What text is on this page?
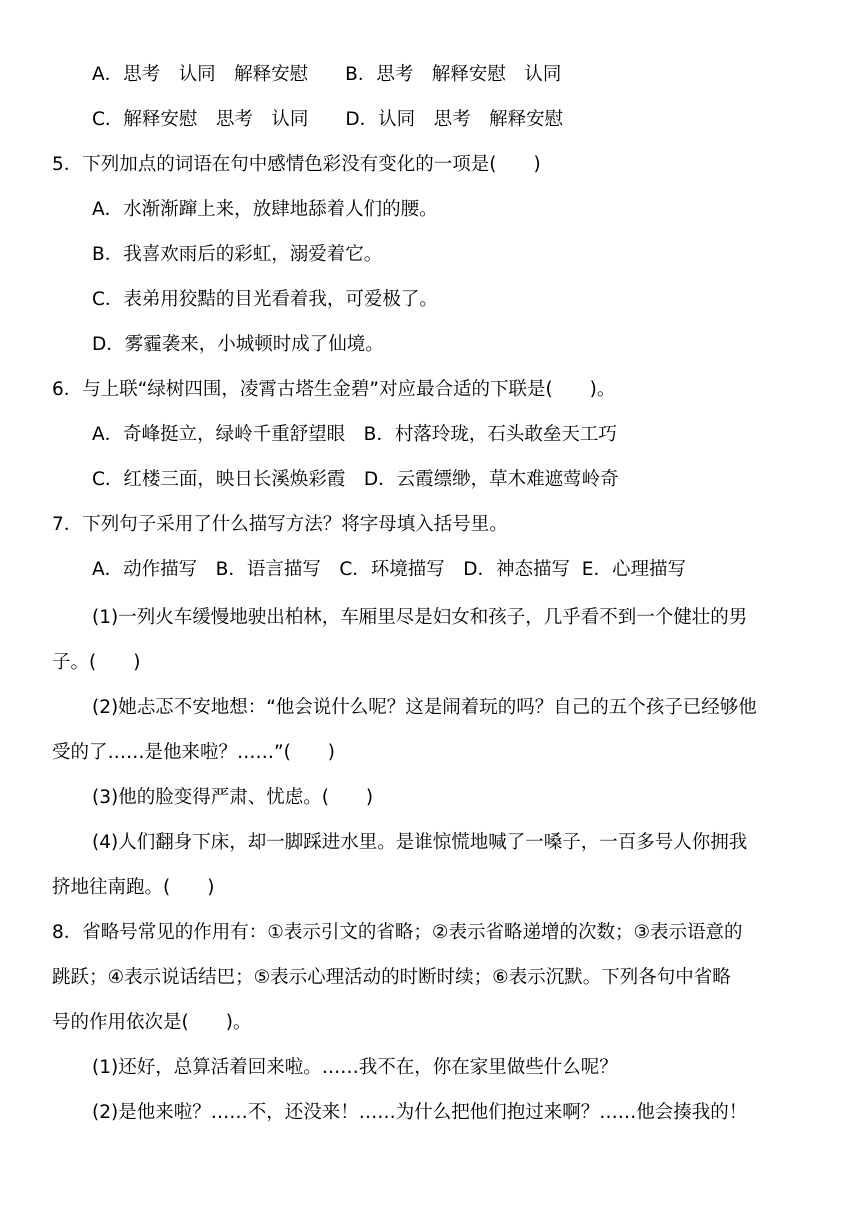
A．思考　认同　解释安慰　　B．思考　解释安慰　认同
C．解释安慰　思考　认同　　D．认同　思考　解释安慰
5．下列加点的词语在句中感情色彩没有变化的一项是(　　)
A．水渐渐蹿上来，放肆地舔着人们的腰。
B．我喜欢雨后的彩虹，溺爱着它。
C．表弟用狡黠的目光看着我，可爱极了。
D．雾霾袭来，小城顿时成了仙境。
6．与上联“绿树四围，凌霄古塔生金碧”对应最合适的下联是(　　)。
A．奇峰挺立，绿岭千重舒望眼　B．村落玲珑，石头敢垒天工巧
C．红楼三面，映日长溪焕彩霞　D．云霞缥缈，草木难遮莺岭奇
7．下列句子采用了什么描写方法？将字母填入括号里。
A．动作描写　B．语言描写　C．环境描写　D．神态描写  E．心理描写
(1)一列火车缓慢地驶出柏林，车厢里尽是妇女和孩子，几乎看不到一个健壮的男
子。(　　)
(2)她忐忑不安地想：“他会说什么呢？这是闹着玩的吗？自己的五个孩子已经够他
受的了……是他来啦？……”(　　)
(3)他的脸变得严肃、忧虑。(　　)
(4)人们翻身下床，却一脚踩进水里。是谁惊慌地喊了一嗓子，一百多号人你拥我
挤地往南跑。(　　)
8．省略号常见的作用有：①表示引文的省略；②表示省略递增的次数；③表示语意的
跳跃；④表示说话结巴；⑤表示心理活动的时断时续；⑥表示沉默。下列各句中省略
号的作用依次是(　　)。
(1)还好，总算活着回来啦。……我不在，你在家里做些什么呢？
(2)是他来啦？……不，还没来！……为什么把他们抱过来啊？……他会揍我的！
